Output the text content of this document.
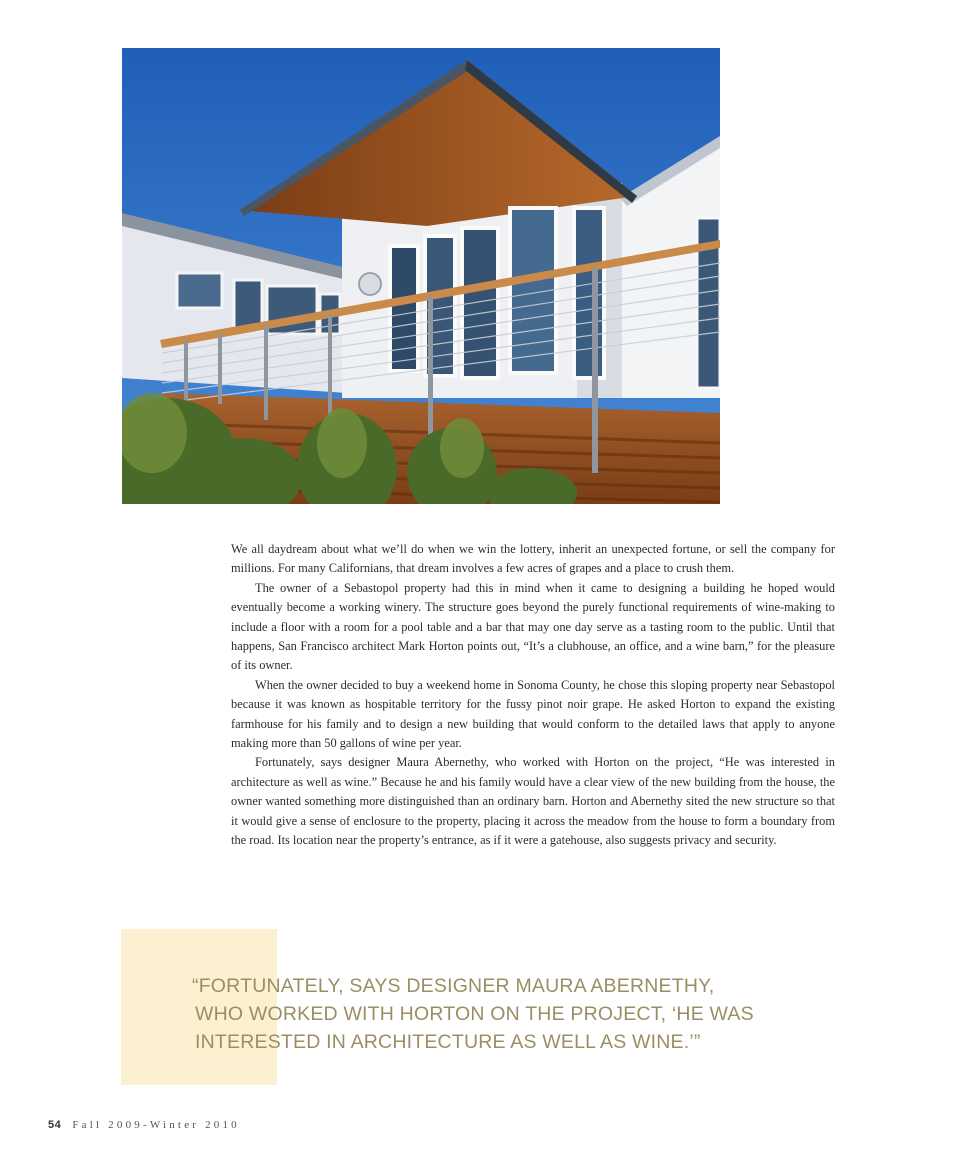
We all daydream about what we’ll do when we win the lottery, inherit an unexpected fortune, or sell the company for millions. For many Californians, that dream involves a few acres of grapes and a place to crush them.

The owner of a Sebastopol property had this in mind when it came to designing a building he hoped would eventually become a working winery. The structure goes beyond the purely functional requirements of wine-making to include a floor with a room for a pool table and a bar that may one day serve as a tasting room to the public. Until that happens, San Francisco architect Mark Horton points out, “It’s a clubhouse, an office, and a wine barn,” for the pleasure of its owner.

When the owner decided to buy a weekend home in Sonoma County, he chose this sloping property near Sebastopol because it was known as hospitable territory for the fussy pinot noir grape. He asked Horton to expand the existing farmhouse for his family and to design a new building that would conform to the detailed laws that apply to anyone making more than 50 gallons of wine per year.

Fortunately, says designer Maura Abernethy, who worked with Horton on the project, “He was interested in architecture as well as wine.” Because he and his family would have a clear view of the new building from the house, the owner wanted something more distinguished than an ordinary barn. Horton and Abernethy sited the new structure so that it would give a sense of enclosure to the property, placing it across the meadow from the house to form a boundary from the road. Its location near the property’s entrance, as if it were a gatehouse, also suggests privacy and security.

“FORTUNATELY, SAYS DESIGNER MAURA ABERNETHY,
WHO WORKED WITH HORTON ON THE PROJECT, ‘HE WAS
INTERESTED IN ARCHITECTURE AS WELL AS WINE.’”
54 Fall 2009-Winter 2010
